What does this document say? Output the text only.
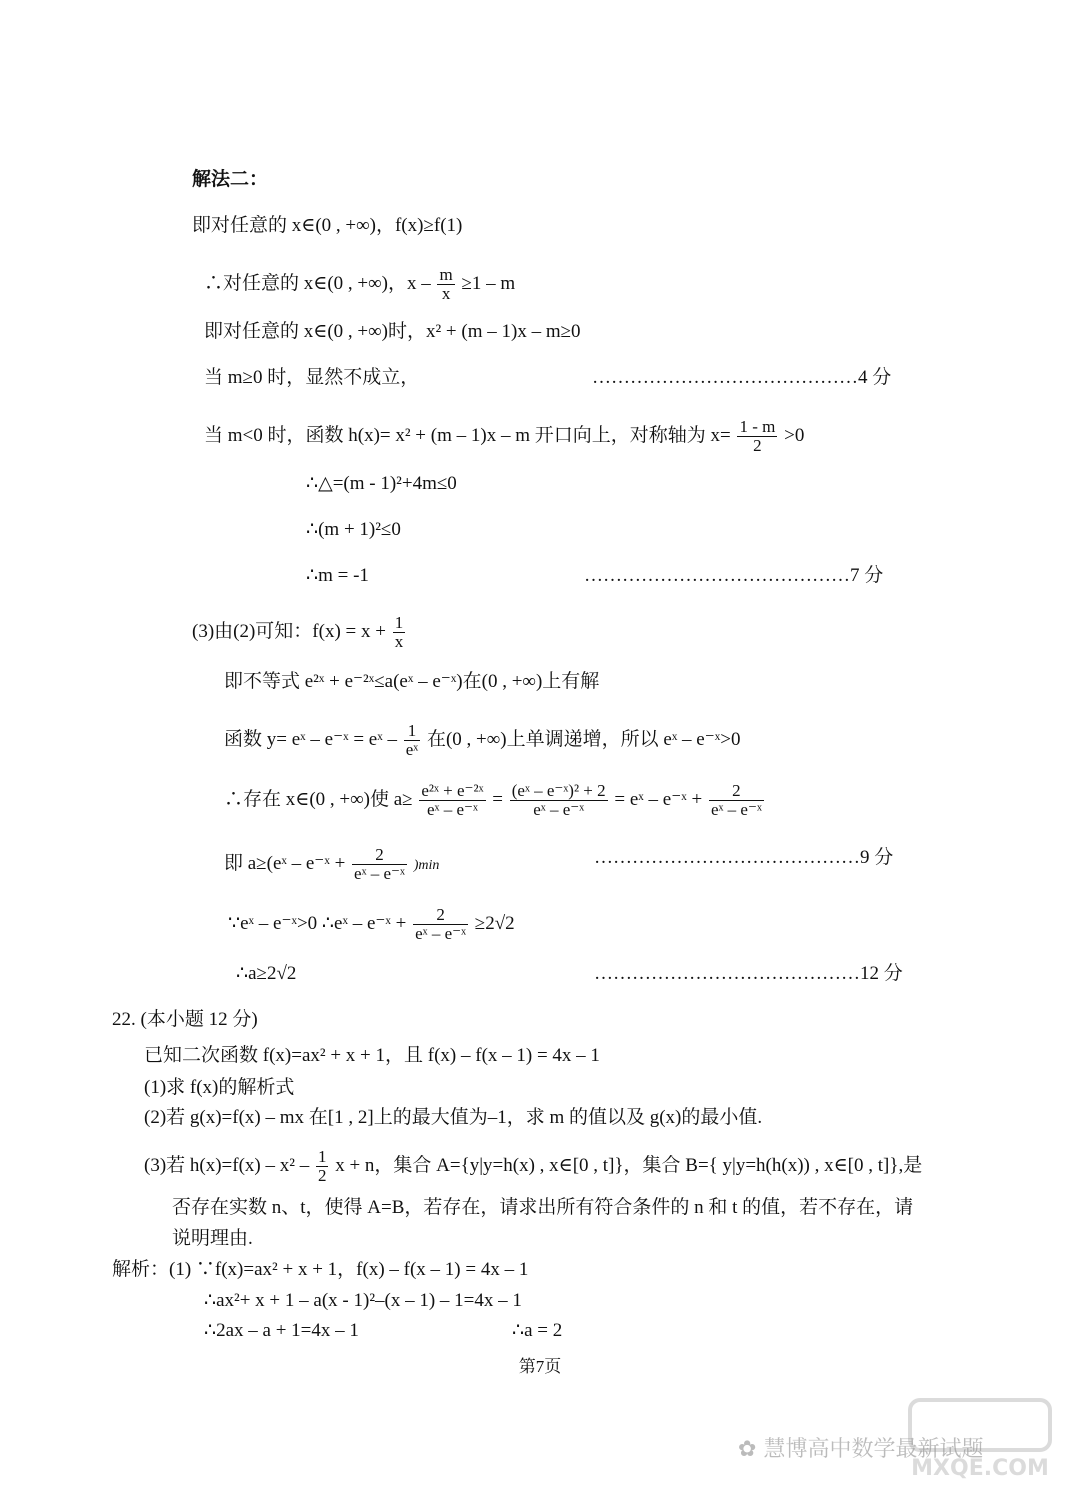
解法二：
即对任意的 x∈(0 , +∞)，f(x)≥f(1)
∴对任意的 x∈(0 , +∞)，$x - \frac{m}{x} \ge 1 - m$
即对任意的 x∈(0 , +∞)时，x² + (m – 1)x – m≥0
当 m≥0 时，显然不成立，	……………………………………4 分
当 m<0 时，函数 h(x)= x² + (m – 1)x – m 开口向上，对称轴为 $x= \frac{1 - m}{2} >0$
∴△=(m - 1)²+4m≤0
∴(m + 1)²≤0
∴m = -1	……………………………………7 分
(3)由(2)可知：$f(x) = x + \frac{1}{x}$
即不等式 e²ˣ + e⁻²ˣ≤a(eˣ – e⁻ˣ)在(0 , +∞)上有解
函数 y= eˣ – e⁻ˣ = eˣ – $\frac{1}{\text{eˣ}}$ 在(0 , +∞)上单调递增，所以 eˣ – e⁻ˣ>0
∴存在 x∈(0 , +∞)使 $a\ge \frac{\text{e²ˣ + e⁻²ˣ}}{\text{eˣ – e⁻ˣ}} = \frac{\text{(eˣ – e⁻ˣ)² + 2}}{\text{eˣ – e⁻ˣ}}$ = eˣ – e⁻ˣ + $\frac{2}{\text{eˣ – e⁻ˣ}}$
即 a≥(eˣ – e⁻ˣ + $\frac{2}{\text{eˣ – e⁻ˣ}} )\min$	……………………………………9 分
∵eˣ – e⁻ˣ>0 ∴eˣ – e⁻ˣ + $\frac{2}{\text{eˣ – e⁻ˣ}} \ge 2√2$
∴a≥2√2	……………………………………12 分
22. (本小题 12 分)
已知二次函数 f(x)=ax² + x + 1，且 f(x) – f(x – 1) = 4x – 1
(1)求 f(x)的解析式
(2)若 g(x)=f(x) – mx 在[1 , 2]上的最大值为–1，求 m 的值以及 g(x)的最小值.
(3)若 $h(x)=f(x) - x^2 - \frac{1}{2}$ x + n，集合 A={y|y=h(x) , x∈[0 , t]}，集合 B={ y|y=h(h(x)) , x∈[0 , t]},是
否存在实数 n、t，使得 A=B，若存在，请求出所有符合条件的 n 和 t 的值，若不存在，请
说明理由.
解析：(1) ∵f(x)=ax² + x + 1，f(x) – f(x – 1) = 4x – 1
∴ax²+ x + 1 – a(x - 1)²–(x – 1) – 1=4x – 1
∴2ax – a + 1=4x – 1	∴a = 2
第7页
✿ 慧博高中数学最新试题
MXQE.COM
